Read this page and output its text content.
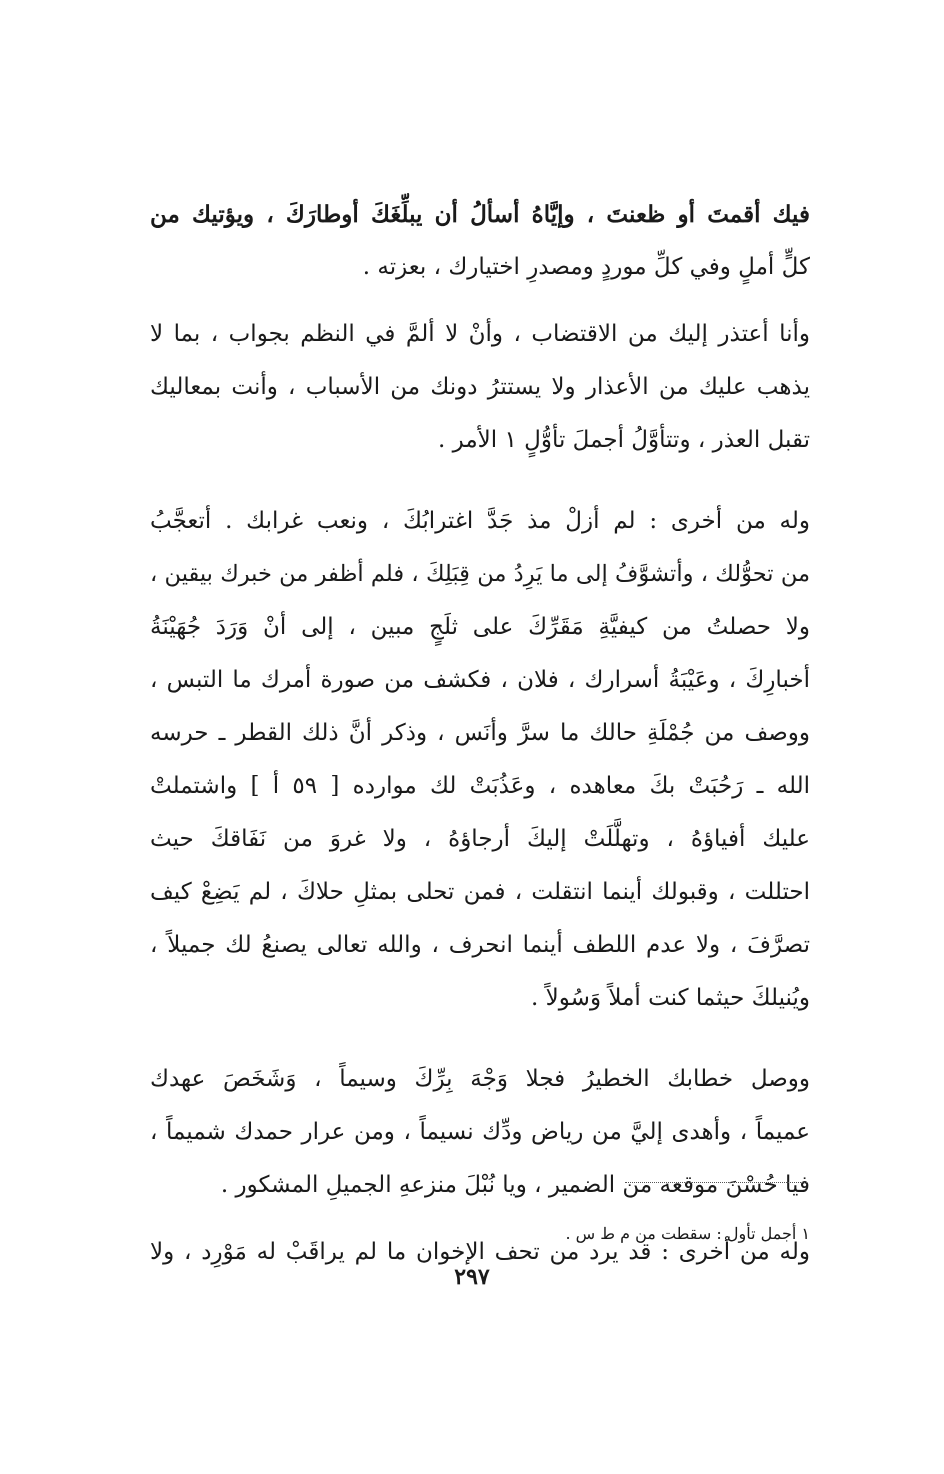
فيك أقمتَ أو ظعنتَ ، وإيَّاهُ أسألُ أن يبلِّغَكَ أوطارَكَ ، ويؤتيك من
كلٍّ أملٍ وفي كلِّ موردٍ ومصدرِ اختيارك ، بعزته .
وأنا أعتذر إليك من الاقتضاب ، وأنْ لا ألمَّ في النظم بجواب ، بما لا
يذهب عليك من الأعذار ولا يستترُ دونك من الأسباب ، وأنت بمعاليك
تقبل العذر ، وتتأوَّلُ أجملَ تأوُّلٍ ١ الأمر .
وله من أخرى : لم أزلْ مذ جَدَّ اغترابُكَ ، ونعب غرابك . أتعجَّبُ
من تحوُّلك ، وأتشوَّفُ إلى ما يَرِدُ من قِبَلِكَ ، فلم أظفر من خبرك بيقين ،
ولا حصلتُ من كيفيَّةِ مَقَرِّكَ على ثلَجٍ مبين ، إلى أنْ وَرَدَ جُهَيْنَةُ
أخبارِكَ ، وعَيْبَةُ أسرارك ، فلان ، فكشف من صورة أمرك ما التبس ،
ووصف من جُمْلَةِ حالك ما سرَّ وأنَس ، وذكر أنَّ ذلك القطر ـ حرسه
الله ـ رَحُبَتْ بكَ معاهده ، وعَذُبَتْ لك موارده [ ٥٩ أ ] واشتملتْ
عليك أفياؤهُ ، وتهلَّلَتْ إليكَ أرجاؤهُ ، ولا غروَ من نَفَاقكَ حيث
احتللت ، وقبولك أينما انتقلت ، فمن تحلى بمثلِ حلاكَ ، لم يَضِعْ كيف
تصرَّفَ ، ولا عدم اللطف أينما انحرف ، والله تعالى يصنعُ لك جميلاً ،
ويُنيلكَ حيثما كنت أملاً وَسُولاً .
ووصل خطابك الخطيرُ فجلا وَجْهَ بِرِّكَ وسيماً ، وَشَخَصَ عهدك
عميماً ، وأهدى إليَّ من رياض ودِّك نسيماً ، ومن عرار حمدك شميماً ،
فيا حُسْنَ موقعه من الضمير ، ويا نُبْلَ منزعهِ الجميلِ المشكور .
وله من أخرى : قد يرد من تحف الإخوان ما لم يراقَبْ له مَوْرِد ، ولا
١ أجمل تأول : سقطت من م ط س .
٢٩٧
